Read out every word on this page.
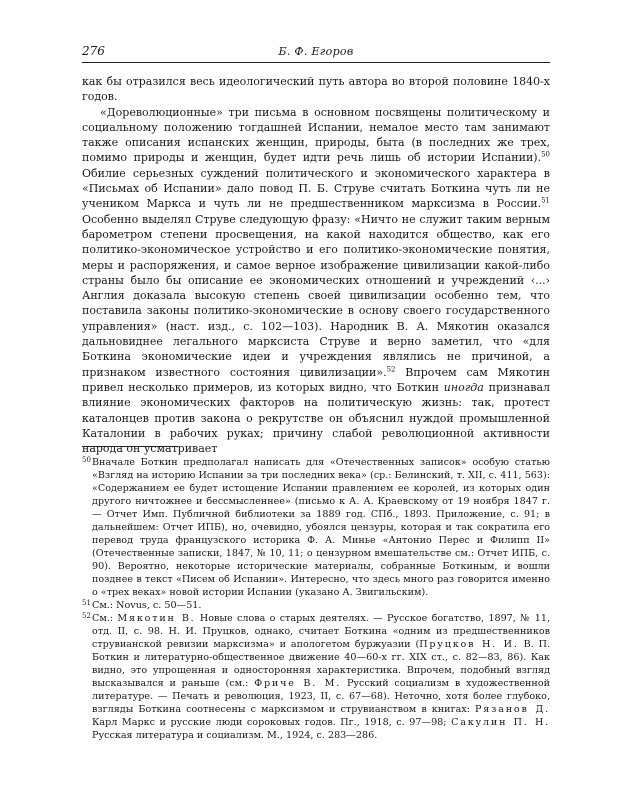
276	Б. Ф. Егоров

как бы отразился весь идеологический путь автора во второй половине 1840-х годов.

«Дореволюционные» три письма в основном посвящены политическому и социальному положению тогдашней Испании, немалое место там занимают также описания испанских женщин, природы, быта (в последних же трех, помимо природы и женщин, будет идти речь лишь об истории Испании).$^{50}$ Обилие серьезных суждений политического и экономического характера в «Письмах об Испании» дало повод П. Б. Струве считать Боткина чуть ли не учеником Маркса и чуть ли не предшественником марксизма в России.$^{51}$ Особенно выделял Струве следующую фразу: «Ничто не служит таким верным барометром степени просвещения, на какой находится общество, как его политико-экономическое устройство и его политико-экономические понятия, меры и распоряжения, и самое верное изображение цивилизации какой-либо страны было бы описание ее экономических отношений и учреждений ‹...› Англия доказала высокую степень своей цивилизации особенно тем, что поставила законы политико-экономические в основу своего государственного управления» (наст. изд., с. 102—103). Народник В. А. Мякотин оказался дальновиднее легального марксиста Струве и верно заметил, что «для Боткина экономические идеи и учреждения являлись не причиной, а признаком известного состояния цивилизации».$^{52}$ Впрочем сам Мякотин привел несколько примеров, из которых видно, что Боткин иногда признавал влияние экономических факторов на политическую жизнь: так, протест каталонцев против закона о рекрутстве он объяснил нуждой промышленной Каталонии в рабочих руках; причину слабой революционной активности народа он усматривает

50 Вначале Боткин предполагал написать для «Отечественных записок» особую статью «Взгляд на историю Испании за три последних века» (ср.: Белинский, т. XII, с. 411, 563): «Содержанием ее будет истощение Испании правлением ее королей, из которых один другого ничтожнее и бессмысленнее» (письмо к А. А. Краевскому от 19 ноября 1847 г. — Отчет Имп. Публичной библиотеки за 1889 год. СПб., 1893. Приложение, с. 91; в дальнейшем: Отчет ИПБ), но, очевидно, убоялся цензуры, которая и так сократила его перевод труда французского историка Ф. А. Минье «Антонио Перес и Филипп II» (Отечественные записки, 1847, № 10, 11; о цензурном вмешательстве см.: Отчет ИПБ, с. 90). Вероятно, некоторые исторические материалы, собранные Боткиным, и вошли позднее в текст «Писем об Испании». Интересно, что здесь много раз говорится именно о «трех веках» новой истории Испании (указано А. Звигильским).
51 См.: Novus, с. 50—51.
52 См.: Мякотин В. Новые слова о старых деятелях. — Русское богатство, 1897, № 11, отд. II, с. 98. Н. И. Пруцков, однако, считает Боткина «одним из предшественников струвианской ревизии марксизма» и апологетом буржуазии (Пруцков Н. И. В. П. Боткин и литературно-общественное движение 40—60-х гг. XIX ст., с. 82—83, 86). Как видно, это упрощенная и односторонняя характеристика. Впрочем, подобный взгляд высказывался и раньше (см.: Фриче В. М. Русский социализм в художественной литературе. — Печать и революция, 1923, II, с. 67—68). Неточно, хотя более глубоко, взгляды Боткина соотнесены с марксизмом и струвианством в книгах: Рязанов Д. Карл Маркс и русские люди сороковых годов. Пг., 1918, с. 97—98; Сакулин П. Н. Русская литература и социализм. М., 1924, с. 283—286.
